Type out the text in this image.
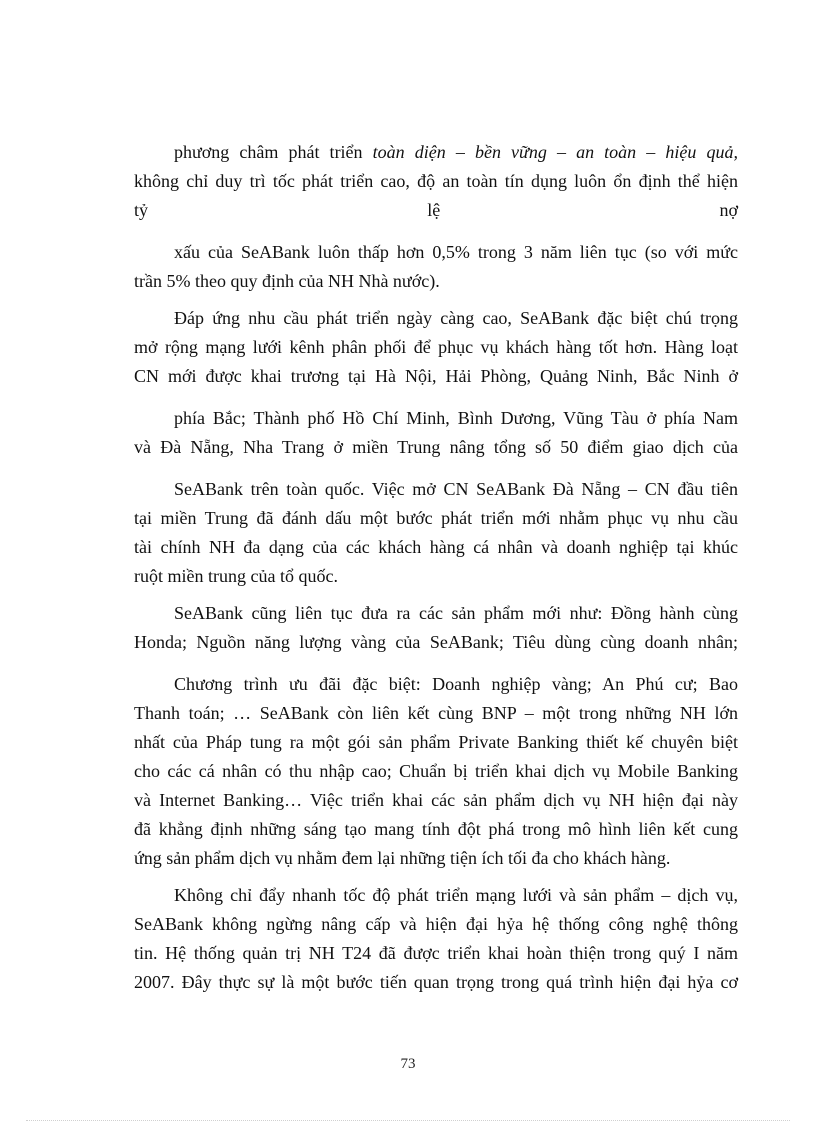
phương châm phát triển toàn diện – bền vững – an toàn – hiệu quả,
không chỉ duy trì tốc phát triển cao, độ an toàn tín dụng luôn ổn định thể hiện
tỷ lệ nợ
xấu của SeABank luôn thấp hơn 0,5% trong 3 năm liên tục (so với mức
trần 5% theo quy định của NH Nhà nước).
Đáp ứng nhu cầu phát triển ngày càng cao, SeABank đặc biệt chú trọng
mở rộng mạng lưới kênh phân phối để phục vụ khách hàng tốt hơn. Hàng loạt
CN mới được khai trương tại Hà Nội, Hải Phòng, Quảng Ninh, Bắc Ninh ở
phía Bắc; Thành phố Hồ Chí Minh, Bình Dương, Vũng Tàu ở phía Nam
và Đà Nẵng, Nha Trang ở miền Trung nâng tổng số 50 điểm giao dịch của
SeABank trên toàn quốc. Việc mở CN SeABank Đà Nẵng – CN đầu tiên
tại miền Trung đã đánh dấu một bước phát triển mới nhằm phục vụ nhu cầu
tài chính NH đa dạng của các khách hàng cá nhân và doanh nghiệp tại khúc
ruột miền trung của tổ quốc.
SeABank cũng liên tục đưa ra các sản phẩm mới như: Đồng hành cùng
Honda; Nguồn năng lượng vàng của SeABank; Tiêu dùng cùng doanh nhân;
Chương trình ưu đãi đặc biệt: Doanh nghiệp vàng; An Phú cư; Bao
Thanh toán; … SeABank còn liên kết cùng BNP – một trong những NH lớn
nhất của Pháp tung ra một gói sản phẩm Private Banking thiết kế chuyên biệt
cho các cá nhân có thu nhập cao; Chuẩn bị triển khai dịch vụ Mobile Banking
và Internet Banking… Việc triển khai các sản phẩm dịch vụ NH hiện đại này
đã khẳng định những sáng tạo mang tính đột phá trong mô hình liên kết cung
ứng sản phẩm dịch vụ nhằm đem lại những tiện ích tối đa cho khách hàng.
Không chỉ đẩy nhanh tốc độ phát triển mạng lưới và sản phẩm – dịch vụ,
SeABank không ngừng nâng cấp và hiện đại hỷa hệ thống công nghệ thông
tin. Hệ thống quản trị NH T24 đã được triển khai hoàn thiện trong quý I năm
2007. Đây thực sự là một bước tiến quan trọng trong quá trình hiện đại hỷa cơ
73
